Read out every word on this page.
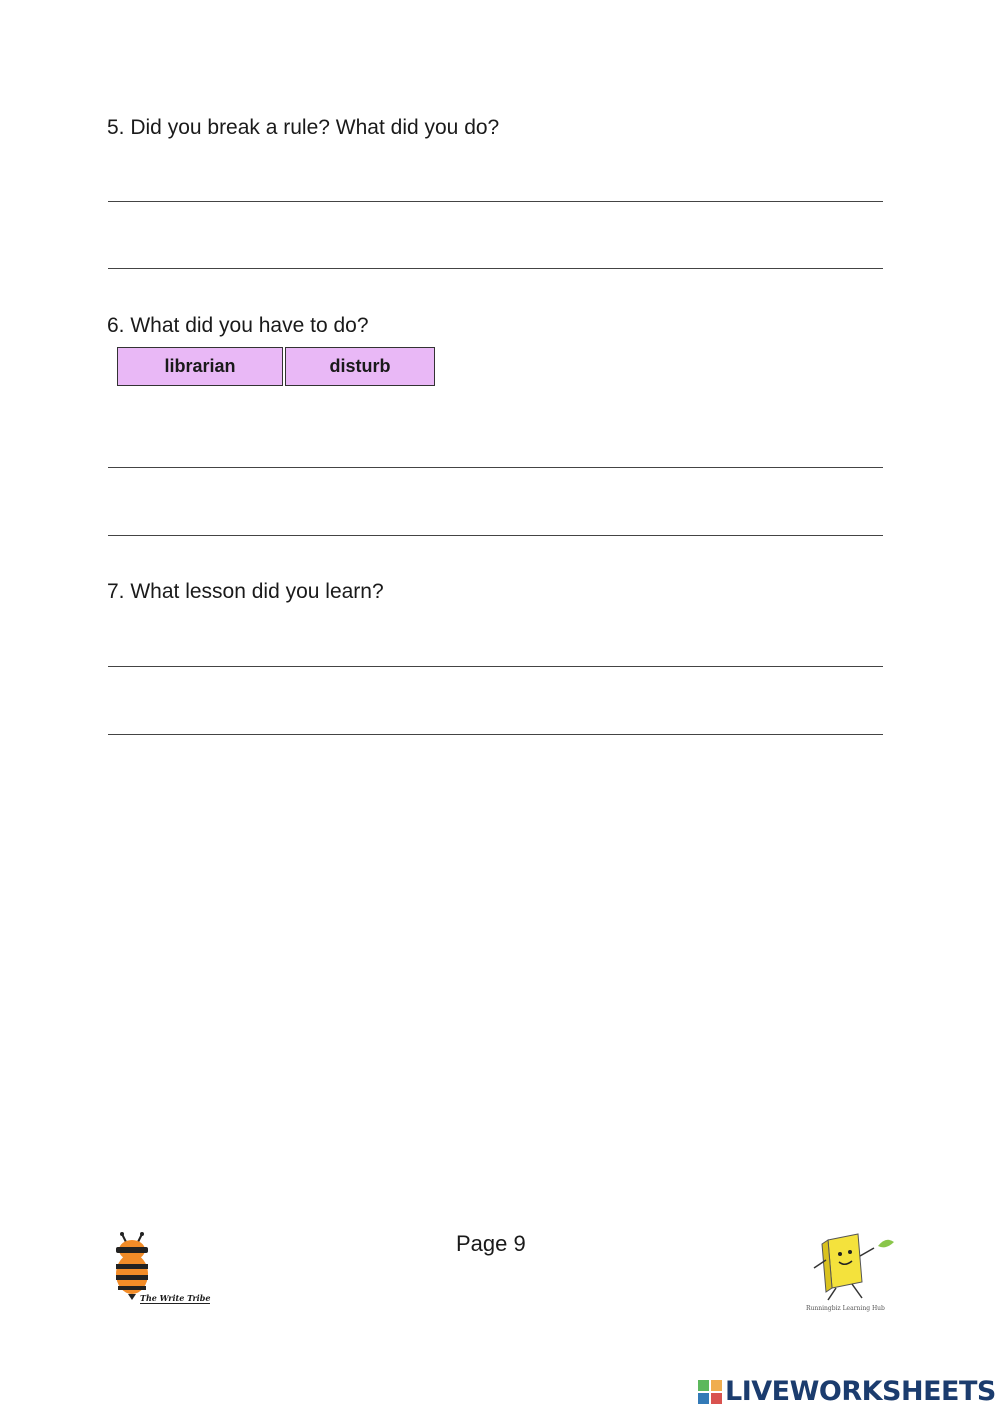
5. Did you break a rule? What did you do?
6. What did you have to do?
librarian	disturb
7. What lesson did you learn?
Page 9
The Write Tribe
Runningbiz Learning Hub
LIVEWORKSHEETS
